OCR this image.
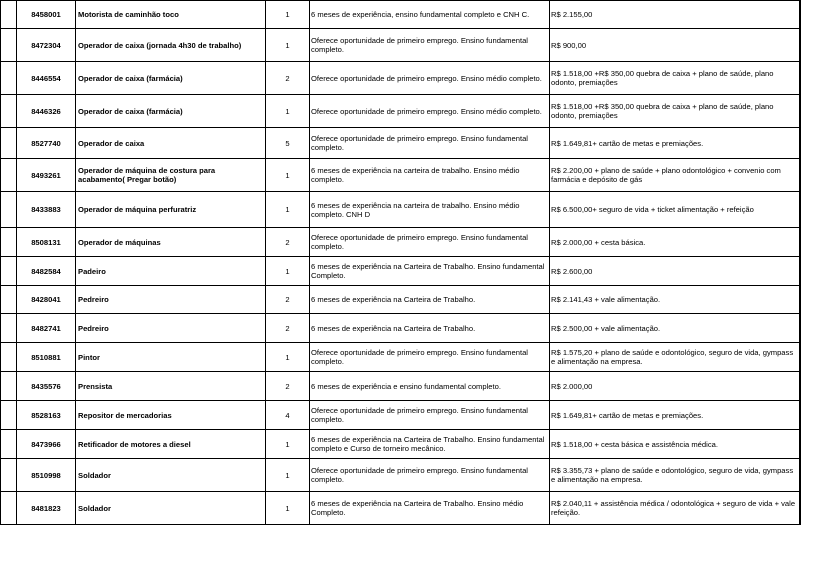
	8458001	Motorista de caminhão toco	1	6 meses de experiência, ensino fundamental completo e CNH C.	R$ 2.155,00	

	8472304	Operador de caixa (jornada 4h30 de trabalho)	1	Oferece oportunidade de primeiro emprego. Ensino fundamental completo.	R$ 900,00	

	8446554	Operador de caixa (farmácia)	2	Oferece oportunidade de primeiro emprego. Ensino médio completo.	R$ 1.518,00 +R$ 350,00 quebra de caixa + plano de saúde, plano odonto, premiações	

	8446326	Operador de caixa (farmácia)	1	Oferece oportunidade de primeiro emprego. Ensino médio completo.	R$ 1.518,00 +R$ 350,00 quebra de caixa + plano de saúde, plano odonto, premiações	

	8527740	Operador de caixa	5	Oferece oportunidade de primeiro emprego. Ensino fundamental completo.	R$ 1.649,81+ cartão de metas e premiações.	

	8493261	Operador de máquina de costura para acabamento( Pregar botão)	1	6 meses de experiência na carteira de trabalho. Ensino médio completo.	R$ 2.200,00 + plano de saúde + plano odontológico + convenio com farmácia e depósito de gás	

	8433883	Operador de máquina perfuratriz	1	6 meses de experiência na carteira de trabalho. Ensino médio completo. CNH D	R$ 6.500,00+ seguro de vida + ticket alimentação + refeição	

	8508131	Operador de máquinas	2	Oferece oportunidade de primeiro emprego. Ensino fundamental completo.	R$ 2.000,00 + cesta básica.	

	8482584	Padeiro	1	6 meses de experiência na Carteira de Trabalho. Ensino fundamental Completo.	R$ 2.600,00	

	8428041	Pedreiro	2	6 meses de experiência na Carteira de Trabalho.	R$ 2.141,43 + vale alimentação.	

	8482741	Pedreiro	2	6 meses de experiência na Carteira de Trabalho.	R$ 2.500,00 + vale alimentação.	

	8510881	Pintor	1	Oferece oportunidade de primeiro emprego. Ensino fundamental completo.	R$ 1.575,20 + plano de saúde e odontológico, seguro de vida, gympass e alimentação na empresa.	

	8435576	Prensista	2	6 meses de experiência e ensino fundamental completo.	R$ 2.000,00	

	8528163	Repositor de mercadorias	4	Oferece oportunidade de primeiro emprego. Ensino fundamental completo.	R$ 1.649,81+ cartão de metas e premiações.	

	8473966	Retificador de motores a diesel	1	6 meses de experiência na Carteira de Trabalho. Ensino fundamental completo e Curso de torneiro mecânico.	R$ 1.518,00 + cesta básica e assistência médica.	

	8510998	Soldador	1	Oferece oportunidade de primeiro emprego. Ensino fundamental completo.	R$ 3.355,73 + plano de saúde e odontológico, seguro de vida, gympass e alimentação na empresa.	

	8481823	Soldador	1	6 meses de experiência na Carteira de Trabalho. Ensino médio Completo.	R$ 2.040,11 + assistência médica / odontológica + seguro de vida + vale refeição.	
